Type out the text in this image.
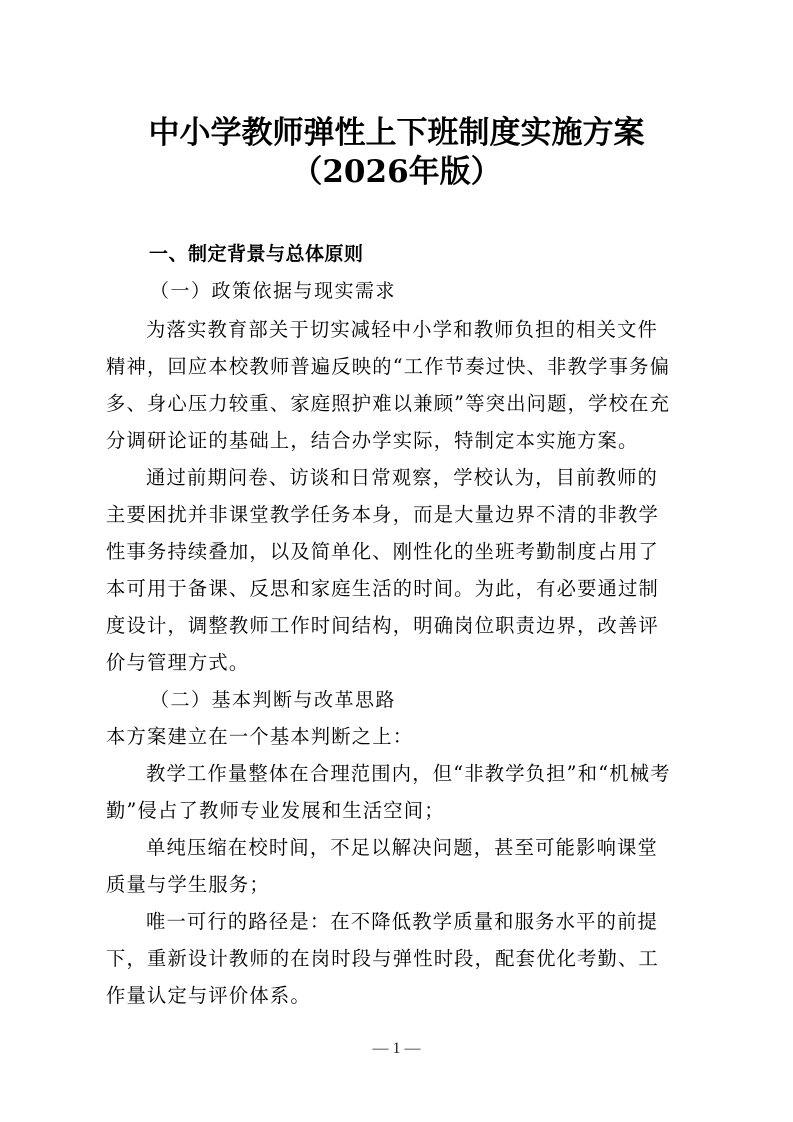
中小学教师弹性上下班制度实施方案
（2026年版）
一、制定背景与总体原则
（一）政策依据与现实需求
为落实教育部关于切实减轻中小学和教师负担的相关文件
精神，回应本校教师普遍反映的“工作节奏过快、非教学事务偏
多、身心压力较重、家庭照护难以兼顾”等突出问题，学校在充
分调研论证的基础上，结合办学实际，特制定本实施方案。
通过前期问卷、访谈和日常观察，学校认为，目前教师的
主要困扰并非课堂教学任务本身，而是大量边界不清的非教学
性事务持续叠加，以及简单化、刚性化的坐班考勤制度占用了
本可用于备课、反思和家庭生活的时间。为此，有必要通过制
度设计，调整教师工作时间结构，明确岗位职责边界，改善评
价与管理方式。
（二）基本判断与改革思路
本方案建立在一个基本判断之上：
教学工作量整体在合理范围内，但“非教学负担”和“机械考
勤”侵占了教师专业发展和生活空间；
单纯压缩在校时间，不足以解决问题，甚至可能影响课堂
质量与学生服务；
唯一可行的路径是：在不降低教学质量和服务水平的前提
下，重新设计教师的在岗时段与弹性时段，配套优化考勤、工
作量认定与评价体系。
— 1 —
